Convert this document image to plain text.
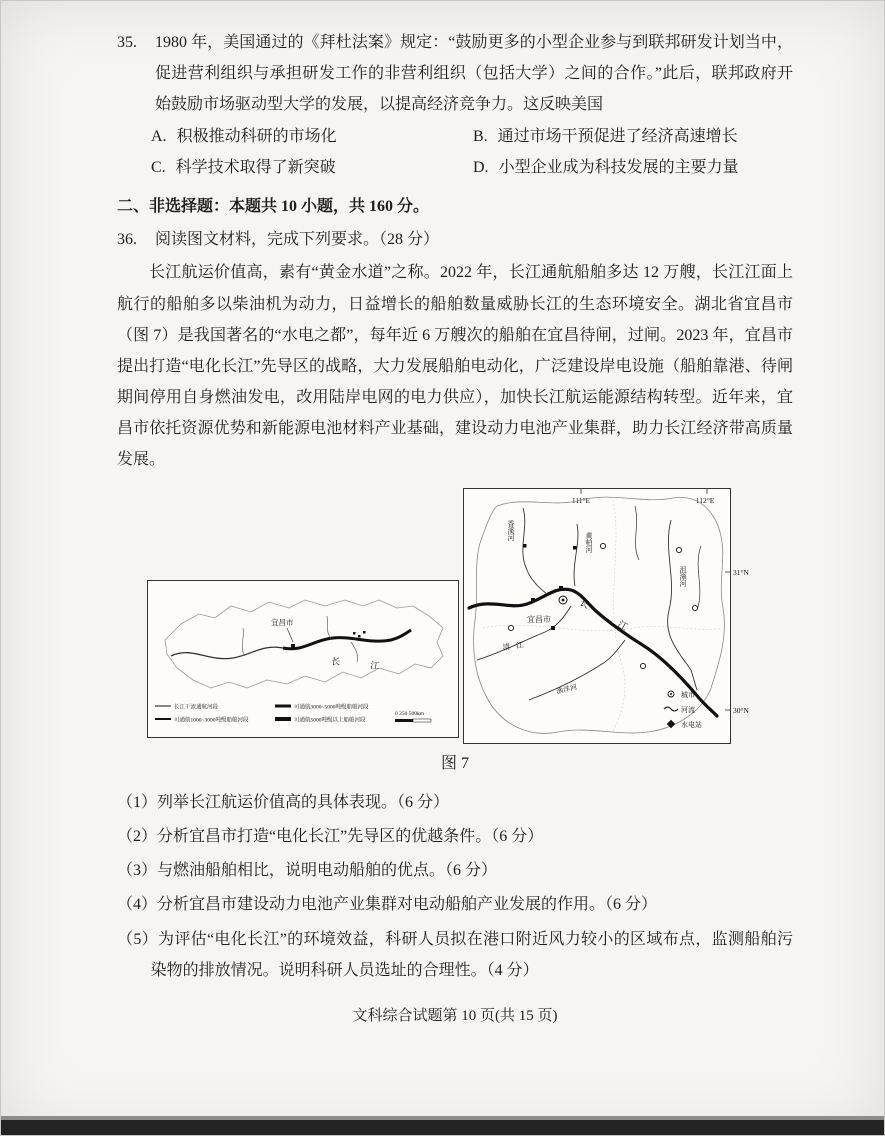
35.	1980 年，美国通过的《拜杜法案》规定：“鼓励更多的小型企业参与到联邦研发计划当中，促进营利组织与承担研发工作的非营利组织（包括大学）之间的合作。”此后，联邦政府开始鼓励市场驱动型大学的发展，以提高经济竞争力。这反映美国
A. 积极推动科研的市场化	B. 通过市场干预促进了经济高速增长
C. 科学技术取得了新突破	D. 小型企业成为科技发展的主要力量
二、非选择题：本题共 10 小题，共 160 分。
36.	阅读图文材料，完成下列要求。（28 分）
长江航运价值高，素有“黄金水道”之称。2022 年，长江通航船舶多达 12 万艘，长江江面上航行的船舶多以柴油机为动力，日益增长的船舶数量威胁长江的生态环境安全。湖北省宜昌市（图 7）是我国著名的“水电之都”，每年近 6 万艘次的船舶在宜昌待闸，过闸。2023 年，宜昌市提出打造“电化长江”先导区的战略，大力发展船舶电动化，广泛建设岸电设施（船舶靠港、待闸期间停用自身燃油发电，改用陆岸电网的电力供应），加快长江航运能源结构转型。近年来，宜昌市依托资源优势和新能源电池材料产业基础，建设动力电池产业集群，助力长江经济带高质量发展。
宜昌市
长 江
长江干流通航河段
可通航1000~3000吨级船舶河段
可通航3000~5000吨级船舶河段
可通航5000吨级以上船舶河段
0 250 500km
111°E	112°E
31°N
30°N
宜昌市
香溪河
黄柏河
沮漳河
清江
渔洋河
长 江
城市
河流
水电站
图 7
（1）列举长江航运价值高的具体表现。（6 分）
（2）分析宜昌市打造“电化长江”先导区的优越条件。（6 分）
（3）与燃油船舶相比，说明电动船舶的优点。（6 分）
（4）分析宜昌市建设动力电池产业集群对电动船舶产业发展的作用。（6 分）
（5）为评估“电化长江”的环境效益，科研人员拟在港口附近风力较小的区域布点，监测船舶污染物的排放情况。说明科研人员选址的合理性。（4 分）
文科综合试题第 10 页(共 15 页)
